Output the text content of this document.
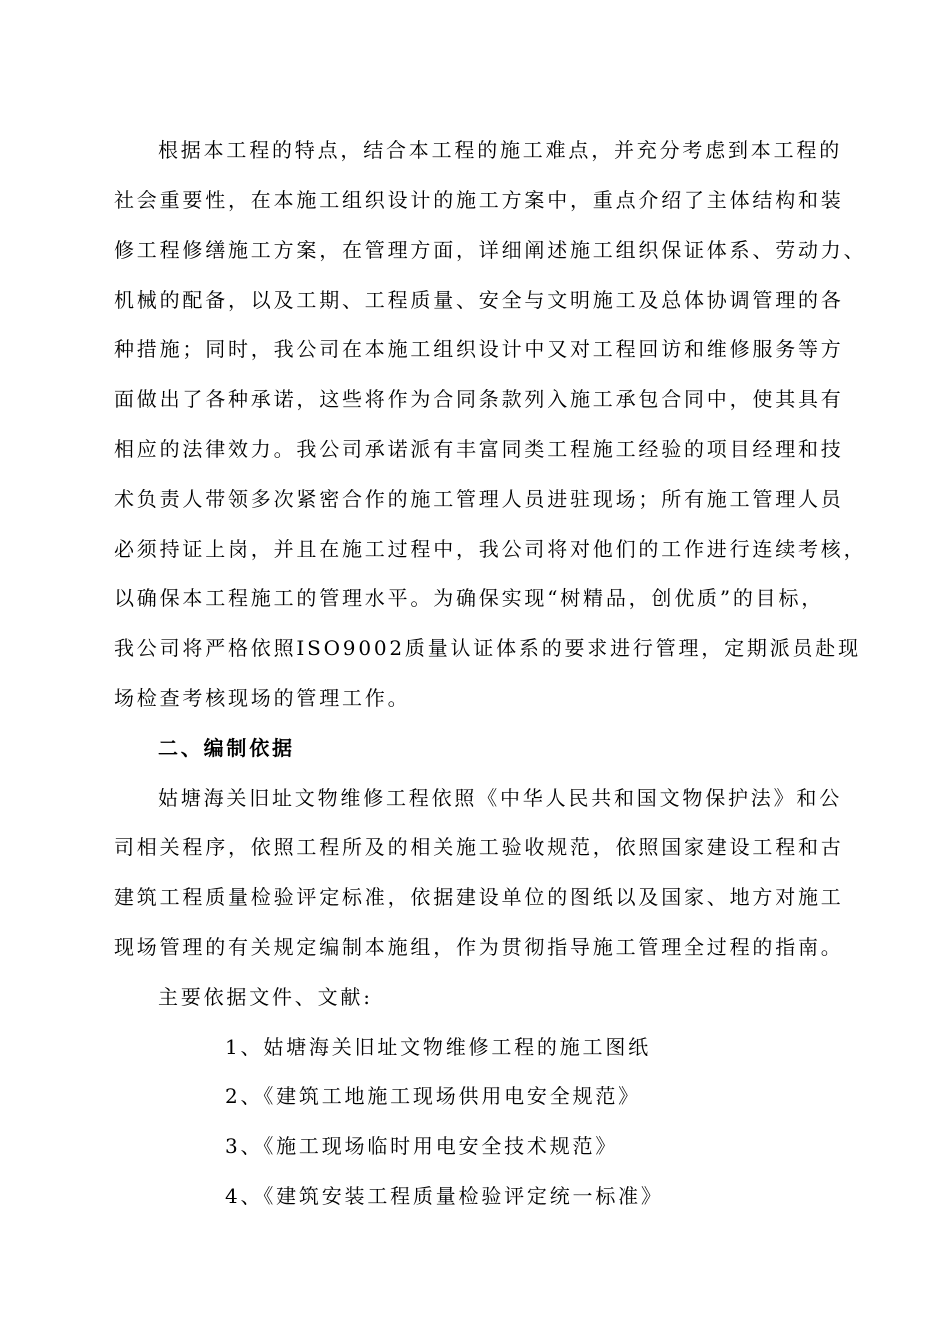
根据本工程的特点，结合本工程的施工难点，并充分考虑到本工程的
社会重要性，在本施工组织设计的施工方案中，重点介绍了主体结构和装
修工程修缮施工方案，在管理方面，详细阐述施工组织保证体系、劳动力、
机械的配备，以及工期、工程质量、安全与文明施工及总体协调管理的各
种措施；同时，我公司在本施工组织设计中又对工程回访和维修服务等方
面做出了各种承诺，这些将作为合同条款列入施工承包合同中，使其具有
相应的法律效力。我公司承诺派有丰富同类工程施工经验的项目经理和技
术负责人带领多次紧密合作的施工管理人员进驻现场；所有施工管理人员
必须持证上岗，并且在施工过程中，我公司将对他们的工作进行连续考核，
以确保本工程施工的管理水平。为确保实现“树精品，创优质”的目标，
我公司将严格依照ISO9002质量认证体系的要求进行管理，定期派员赴现
场检查考核现场的管理工作。
二、编制依据
姑塘海关旧址文物维修工程依照《中华人民共和国文物保护法》和公
司相关程序，依照工程所及的相关施工验收规范，依照国家建设工程和古
建筑工程质量检验评定标准，依据建设单位的图纸以及国家、地方对施工
现场管理的有关规定编制本施组，作为贯彻指导施工管理全过程的指南。
主要依据文件、文献:
1、姑塘海关旧址文物维修工程的施工图纸
2、《建筑工地施工现场供用电安全规范》
3、《施工现场临时用电安全技术规范》
4、《建筑安装工程质量检验评定统一标准》
